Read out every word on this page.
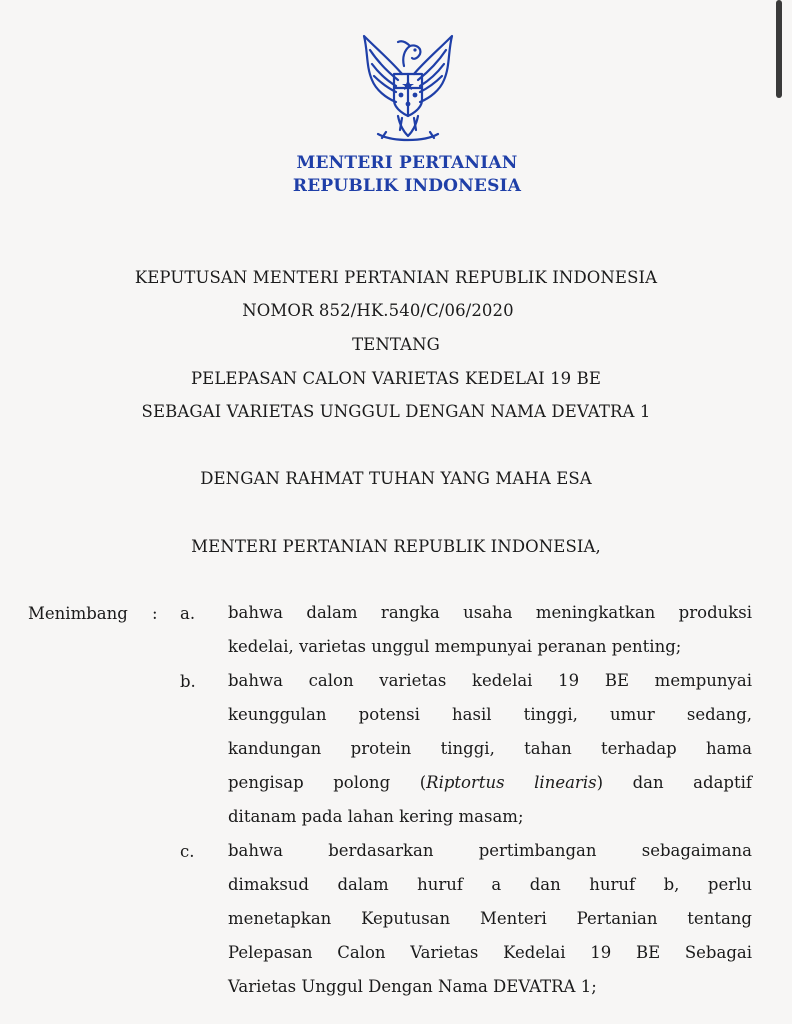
MENTERI PERTANIAN
REPUBLIK INDONESIA
KEPUTUSAN MENTERI PERTANIAN REPUBLIK INDONESIA
NOMOR 852/HK.540/C/06/2020
TENTANG
PELEPASAN CALON VARIETAS KEDELAI 19 BE
SEBAGAI VARIETAS UNGGUL DENGAN NAMA DEVATRA 1
DENGAN RAHMAT TUHAN YANG MAHA ESA
MENTERI PERTANIAN REPUBLIK INDONESIA,
Menimbang : a. bahwa dalam rangka usaha meningkatkan produksi
kedelai, varietas unggul mempunyai peranan penting;
b. bahwa calon varietas kedelai 19 BE mempunyai
keunggulan potensi hasil tinggi, umur sedang,
kandungan protein tinggi, tahan terhadap hama
pengisap polong (Riptortus linearis) dan adaptif
ditanam pada lahan kering masam;
c. bahwa berdasarkan pertimbangan sebagaimana
dimaksud dalam huruf a dan huruf b, perlu
menetapkan Keputusan Menteri Pertanian tentang
Pelepasan Calon Varietas Kedelai 19 BE Sebagai
Varietas Unggul Dengan Nama DEVATRA 1;
